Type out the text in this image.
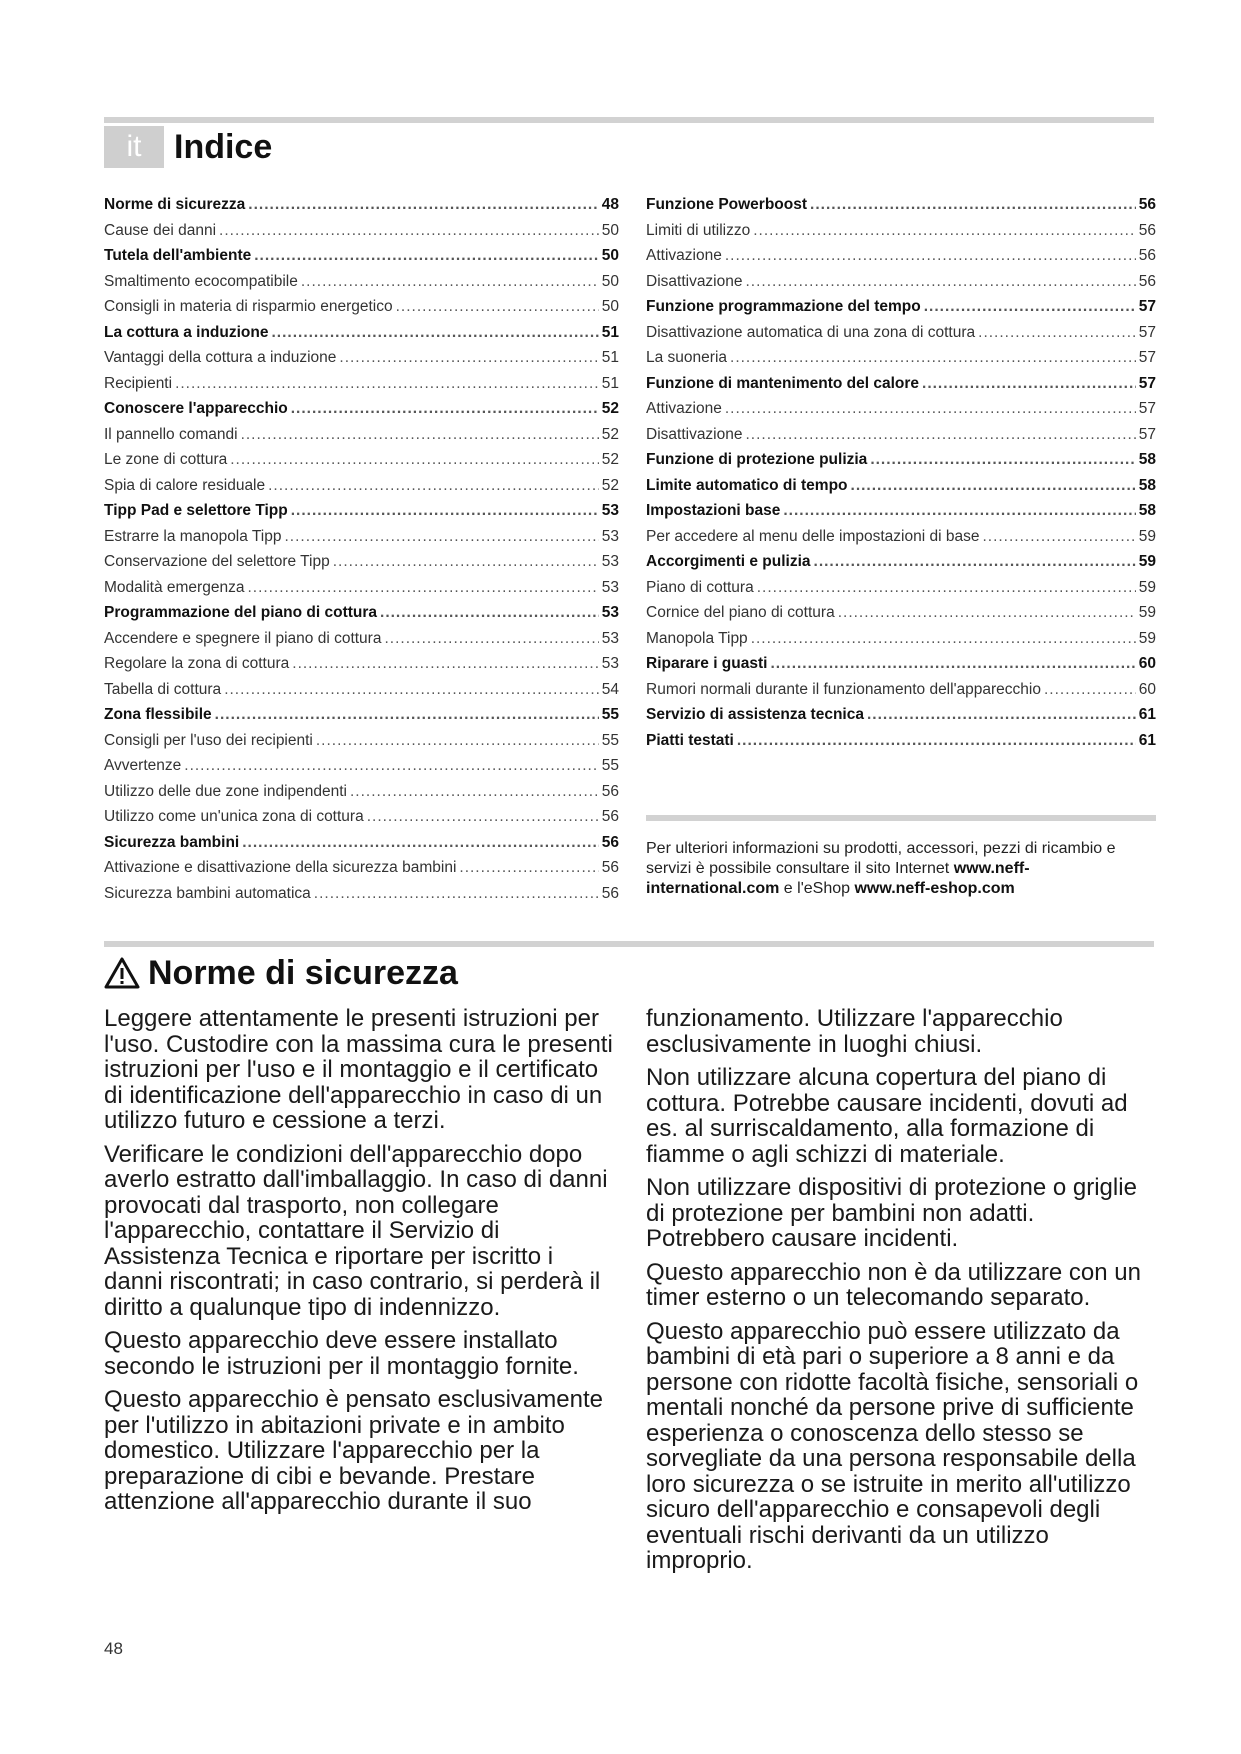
it Indice
Norme di sicurezza .....	48
Cause dei danni .....	50
Tutela dell'ambiente .....	50
Smaltimento ecocompatibile .....	50
Consigli in materia di risparmio energetico .....	50
La cottura a induzione .....	51
Vantaggi della cottura a induzione .....	51
Recipienti .....	51
Conoscere l'apparecchio .....	52
Il pannello comandi .....	52
Le zone di cottura .....	52
Spia di calore residuale .....	52
Tipp Pad e selettore Tipp .....	53
Estrarre la manopola Tipp .....	53
Conservazione del selettore Tipp .....	53
Modalità emergenza .....	53
Programmazione del piano di cottura .....	53
Accendere e spegnere il piano di cottura .....	53
Regolare la zona di cottura .....	53
Tabella di cottura .....	54
Zona flessibile .....	55
Consigli per l'uso dei recipienti .....	55
Avvertenze .....	55
Utilizzo delle due zone indipendenti .....	56
Utilizzo come un'unica zona di cottura .....	56
Sicurezza bambini .....	56
Attivazione e disattivazione della sicurezza bambini .....	56
Sicurezza bambini automatica .....	56
Funzione Powerboost .....	56
Limiti di utilizzo .....	56
Attivazione .....	56
Disattivazione .....	56
Funzione programmazione del tempo .....	57
Disattivazione automatica di una zona di cottura .....	57
La suoneria .....	57
Funzione di mantenimento del calore .....	57
Attivazione .....	57
Disattivazione .....	57
Funzione di protezione pulizia .....	58
Limite automatico di tempo .....	58
Impostazioni base .....	58
Per accedere al menu delle impostazioni di base .....	59
Accorgimenti e pulizia .....	59
Piano di cottura .....	59
Cornice del piano di cottura .....	59
Manopola Tipp .....	59
Riparare i guasti .....	60
Rumori normali durante il funzionamento dell'apparecchio .....	60
Servizio di assistenza tecnica .....	61
Piatti testati .....	61
Per ulteriori informazioni su prodotti, accessori, pezzi di ricambio e servizi è possibile consultare il sito Internet www.neff-international.com e l'eShop www.neff-eshop.com
Norme di sicurezza

Leggere attentamente le presenti istruzioni per l'uso. Custodire con la massima cura le presenti istruzioni per l'uso e il montaggio e il certificato di identificazione dell'apparecchio in caso di un utilizzo futuro e cessione a terzi.

Verificare le condizioni dell'apparecchio dopo averlo estratto dall'imballaggio. In caso di danni provocati dal trasporto, non collegare l'apparecchio, contattare il Servizio di Assistenza Tecnica e riportare per iscritto i danni riscontrati; in caso contrario, si perderà il diritto a qualunque tipo di indennizzo.

Questo apparecchio deve essere installato secondo le istruzioni per il montaggio fornite.

Questo apparecchio è pensato esclusivamente per l'utilizzo in abitazioni private e in ambito domestico. Utilizzare l'apparecchio per la preparazione di cibi e bevande. Prestare attenzione all'apparecchio durante il suo

funzionamento. Utilizzare l'apparecchio esclusivamente in luoghi chiusi.

Non utilizzare alcuna copertura del piano di cottura. Potrebbe causare incidenti, dovuti ad es. al surriscaldamento, alla formazione di fiamme o agli schizzi di materiale.

Non utilizzare dispositivi di protezione o griglie di protezione per bambini non adatti. Potrebbero causare incidenti.

Questo apparecchio non è da utilizzare con un timer esterno o un telecomando separato.

Questo apparecchio può essere utilizzato da bambini di età pari o superiore a 8 anni e da persone con ridotte facoltà fisiche, sensoriali o mentali nonché da persone prive di sufficiente esperienza o conoscenza dello stesso se sorvegliate da una persona responsabile della loro sicurezza o se istruite in merito all'utilizzo sicuro dell'apparecchio e consapevoli degli eventuali rischi derivanti da un utilizzo improprio.

48
